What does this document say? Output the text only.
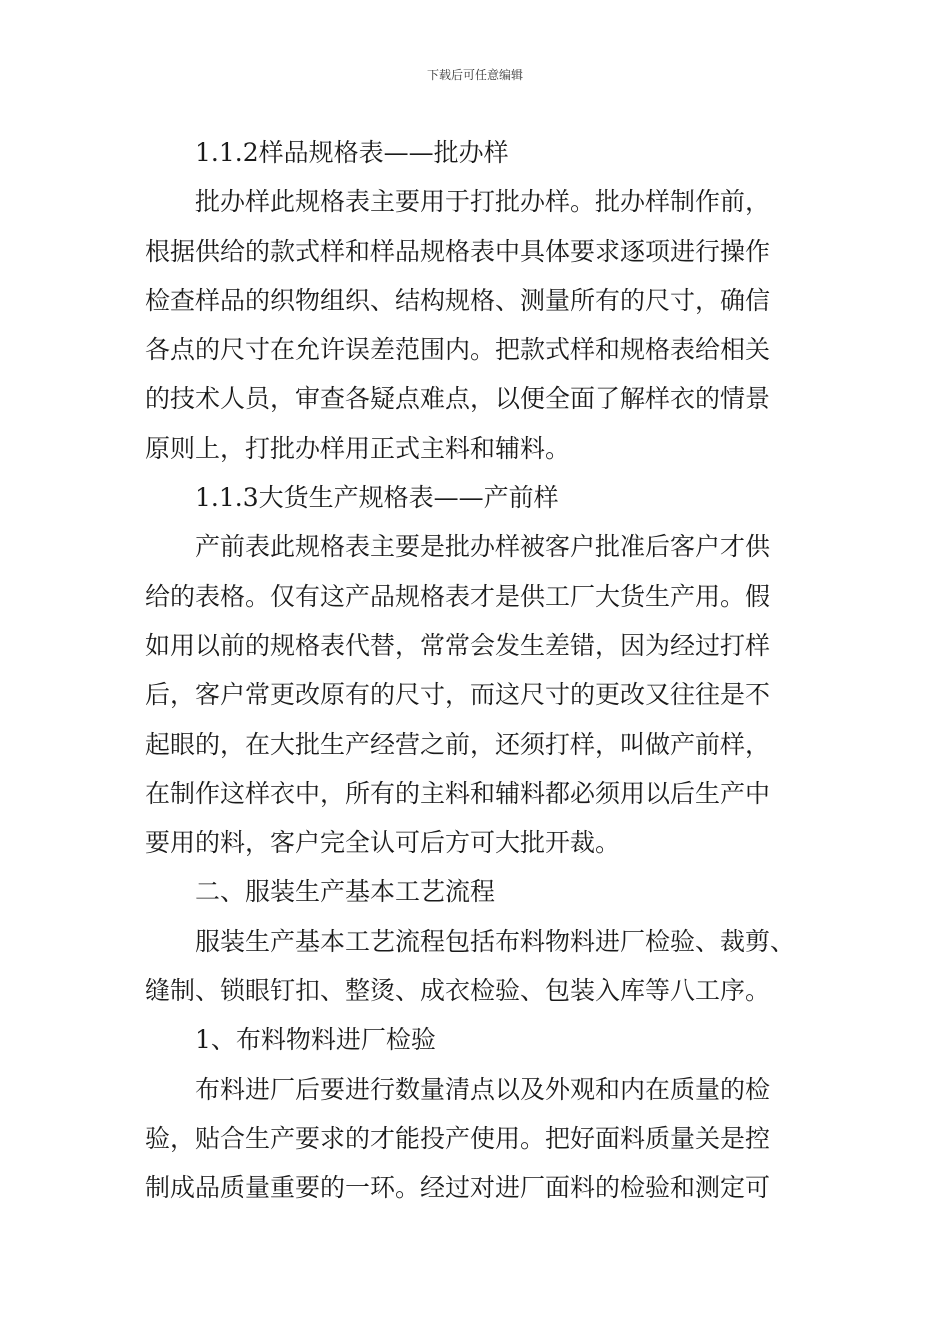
下载后可任意编辑
1.1.2样品规格表——批办样
批办样此规格表主要用于打批办样。批办样制作前，
根据供给的款式样和样品规格表中具体要求逐项进行操作
检查样品的织物组织、结构规格、测量所有的尺寸，确信
各点的尺寸在允许误差范围内。把款式样和规格表给相关
的技术人员，审查各疑点难点，以便全面了解样衣的情景
原则上，打批办样用正式主料和辅料。
1.1.3大货生产规格表——产前样
产前表此规格表主要是批办样被客户批准后客户才供
给的表格。仅有这产品规格表才是供工厂大货生产用。假
如用以前的规格表代替，常常会发生差错，因为经过打样
后，客户常更改原有的尺寸，而这尺寸的更改又往往是不
起眼的，在大批生产经营之前，还须打样，叫做产前样，
在制作这样衣中，所有的主料和辅料都必须用以后生产中
要用的料，客户完全认可后方可大批开裁。
二、服装生产基本工艺流程
服装生产基本工艺流程包括布料物料进厂检验、裁剪、
缝制、锁眼钉扣、整烫、成衣检验、包装入库等八工序。
1、布料物料进厂检验
布料进厂后要进行数量清点以及外观和内在质量的检
验，贴合生产要求的才能投产使用。把好面料质量关是控
制成品质量重要的一环。经过对进厂面料的检验和测定可
